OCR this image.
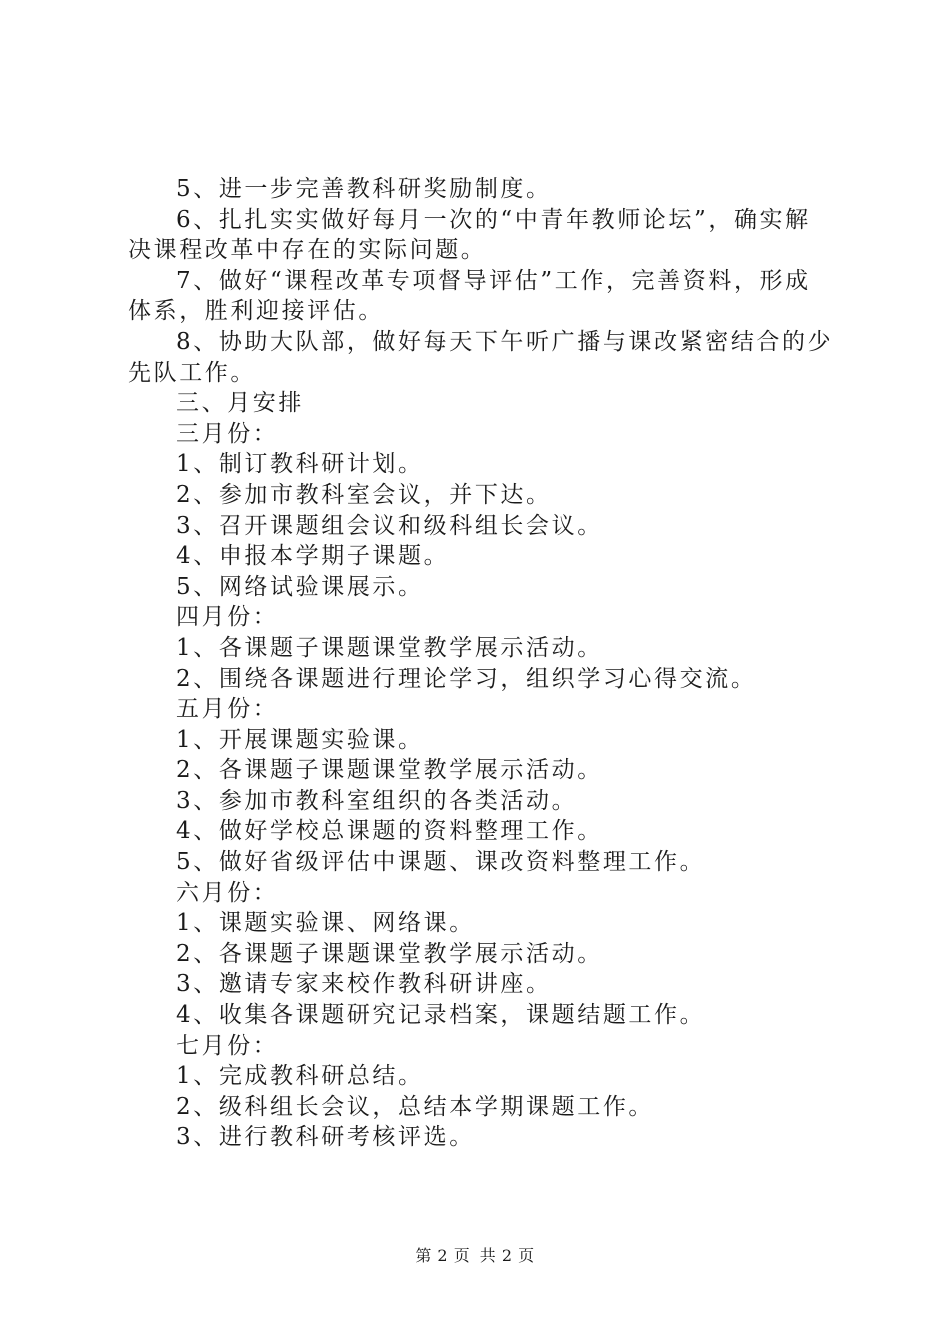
5、进一步完善教科研奖励制度。
6、扎扎实实做好每月一次的“中青年教师论坛”，确实解
决课程改革中存在的实际问题。
7、做好“课程改革专项督导评估”工作，完善资料，形成
体系，胜利迎接评估。
8、协助大队部，做好每天下午听广播与课改紧密结合的少
先队工作。
三、月安排
三月份：
1、制订教科研计划。
2、参加市教科室会议，并下达。
3、召开课题组会议和级科组长会议。
4、申报本学期子课题。
5、网络试验课展示。
四月份：
1、各课题子课题课堂教学展示活动。
2、围绕各课题进行理论学习，组织学习心得交流。
五月份：
1、开展课题实验课。
2、各课题子课题课堂教学展示活动。
3、参加市教科室组织的各类活动。
4、做好学校总课题的资料整理工作。
5、做好省级评估中课题、课改资料整理工作。
六月份：
1、课题实验课、网络课。
2、各课题子课题课堂教学展示活动。
3、邀请专家来校作教科研讲座。
4、收集各课题研究记录档案，课题结题工作。
七月份：
1、完成教科研总结。
2、级科组长会议，总结本学期课题工作。
3、进行教科研考核评选。
第 2 页 共 2 页
